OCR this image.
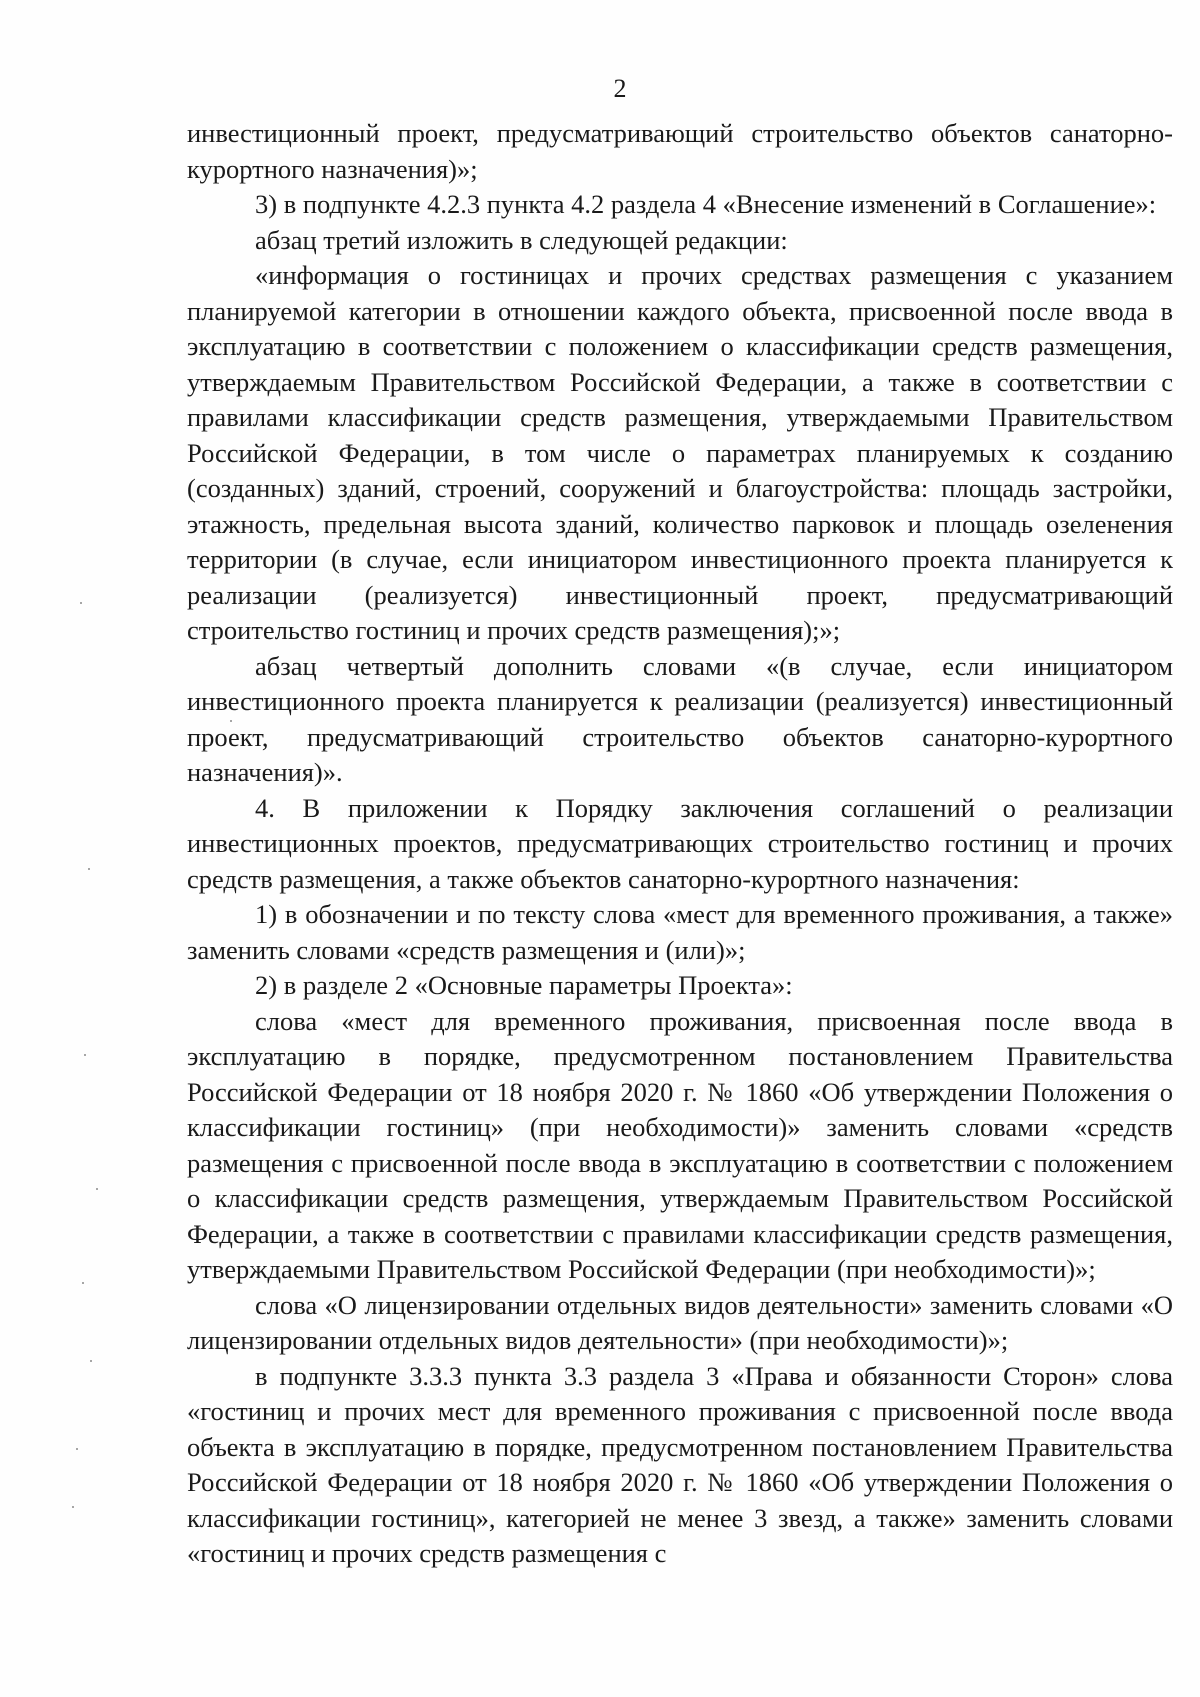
2

инвестиционный проект, предусматривающий строительство объектов санаторно-курортного назначения)»;

3) в подпункте 4.2.3 пункта 4.2 раздела 4 «Внесение изменений в Соглашение»:

абзац третий изложить в следующей редакции:

«информация о гостиницах и прочих средствах размещения с указанием планируемой категории в отношении каждого объекта, присвоенной после ввода в эксплуатацию в соответствии с положением о классификации средств размещения, утверждаемым Правительством Российской Федерации, а также в соответствии с правилами классификации средств размещения, утверждаемыми Правительством Российской Федерации, в том числе о параметрах планируемых к созданию (созданных) зданий, строений, сооружений и благоустройства: площадь застройки, этажность, предельная высота зданий, количество парковок и площадь озеленения территории (в случае, если инициатором инвестиционного проекта планируется к реализации (реализуется) инвестиционный проект, предусматривающий строительство гостиниц и прочих средств размещения);»;

абзац четвертый дополнить словами «(в случае, если инициатором инвестиционного проекта планируется к реализации (реализуется) инвестиционный проект, предусматривающий строительство объектов санаторно-курортного назначения)».

4. В приложении к Порядку заключения соглашений о реализации инвестиционных проектов, предусматривающих строительство гостиниц и прочих средств размещения, а также объектов санаторно-курортного назначения:

1) в обозначении и по тексту слова «мест для временного проживания, а также» заменить словами «средств размещения и (или)»;

2) в разделе 2 «Основные параметры Проекта»:

слова «мест для временного проживания, присвоенная после ввода в эксплуатацию в порядке, предусмотренном постановлением Правительства Российской Федерации от 18 ноября 2020 г. № 1860 «Об утверждении Положения о классификации гостиниц» (при необходимости)» заменить словами «средств размещения с присвоенной после ввода в эксплуатацию в соответствии с положением о классификации средств размещения, утверждаемым Правительством Российской Федерации, а также в соответствии с правилами классификации средств размещения, утверждаемыми Правительством Российской Федерации (при необходимости)»;

слова «О лицензировании отдельных видов деятельности» заменить словами «О лицензировании отдельных видов деятельности» (при необходимости)»;

в подпункте 3.3.3 пункта 3.3 раздела 3 «Права и обязанности Сторон» слова «гостиниц и прочих мест для временного проживания с присвоенной после ввода объекта в эксплуатацию в порядке, предусмотренном постановлением Правительства Российской Федерации от 18 ноября 2020 г. № 1860 «Об утверждении Положения о классификации гостиниц», категорией не менее 3 звезд, а также» заменить словами «гостиниц и прочих средств размещения с
